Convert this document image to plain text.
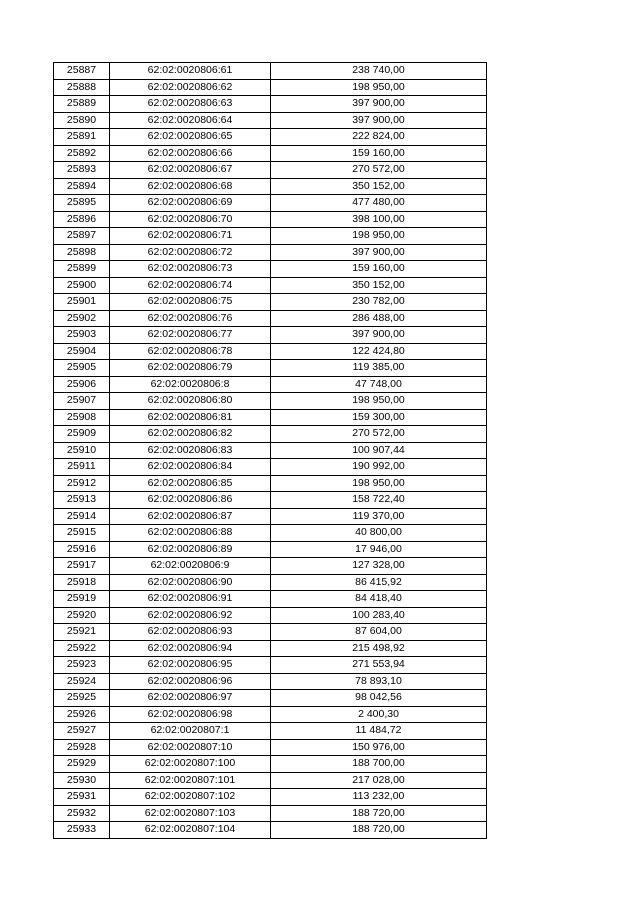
25887	62:02:0020806:61	238 740,00
25888	62:02:0020806:62	198 950,00
25889	62:02:0020806:63	397 900,00
25890	62:02:0020806:64	397 900,00
25891	62:02:0020806:65	222 824,00
25892	62:02:0020806:66	159 160,00
25893	62:02:0020806:67	270 572,00
25894	62:02:0020806:68	350 152,00
25895	62:02:0020806:69	477 480,00
25896	62:02:0020806:70	398 100,00
25897	62:02:0020806:71	198 950,00
25898	62:02:0020806:72	397 900,00
25899	62:02:0020806:73	159 160,00
25900	62:02:0020806:74	350 152,00
25901	62:02:0020806:75	230 782,00
25902	62:02:0020806:76	286 488,00
25903	62:02:0020806:77	397 900,00
25904	62:02:0020806:78	122 424,80
25905	62:02:0020806:79	119 385,00
25906	62:02:0020806:8	47 748,00
25907	62:02:0020806:80	198 950,00
25908	62:02:0020806:81	159 300,00
25909	62:02:0020806:82	270 572,00
25910	62:02:0020806:83	100 907,44
25911	62:02:0020806:84	190 992,00
25912	62:02:0020806:85	198 950,00
25913	62:02:0020806:86	158 722,40
25914	62:02:0020806:87	119 370,00
25915	62:02:0020806:88	40 800,00
25916	62:02:0020806:89	17 946,00
25917	62:02:0020806:9	127 328,00
25918	62:02:0020806:90	86 415,92
25919	62:02:0020806:91	84 418,40
25920	62:02:0020806:92	100 283,40
25921	62:02:0020806:93	87 604,00
25922	62:02:0020806:94	215 498,92
25923	62:02:0020806:95	271 553,94
25924	62:02:0020806:96	78 893,10
25925	62:02:0020806:97	98 042,56
25926	62:02:0020806:98	2 400,30
25927	62:02:0020807:1	11 484,72
25928	62:02:0020807:10	150 976,00
25929	62:02:0020807:100	188 700,00
25930	62:02:0020807:101	217 028,00
25931	62:02:0020807:102	113 232,00
25932	62:02:0020807:103	188 720,00
25933	62:02:0020807:104	188 720,00
